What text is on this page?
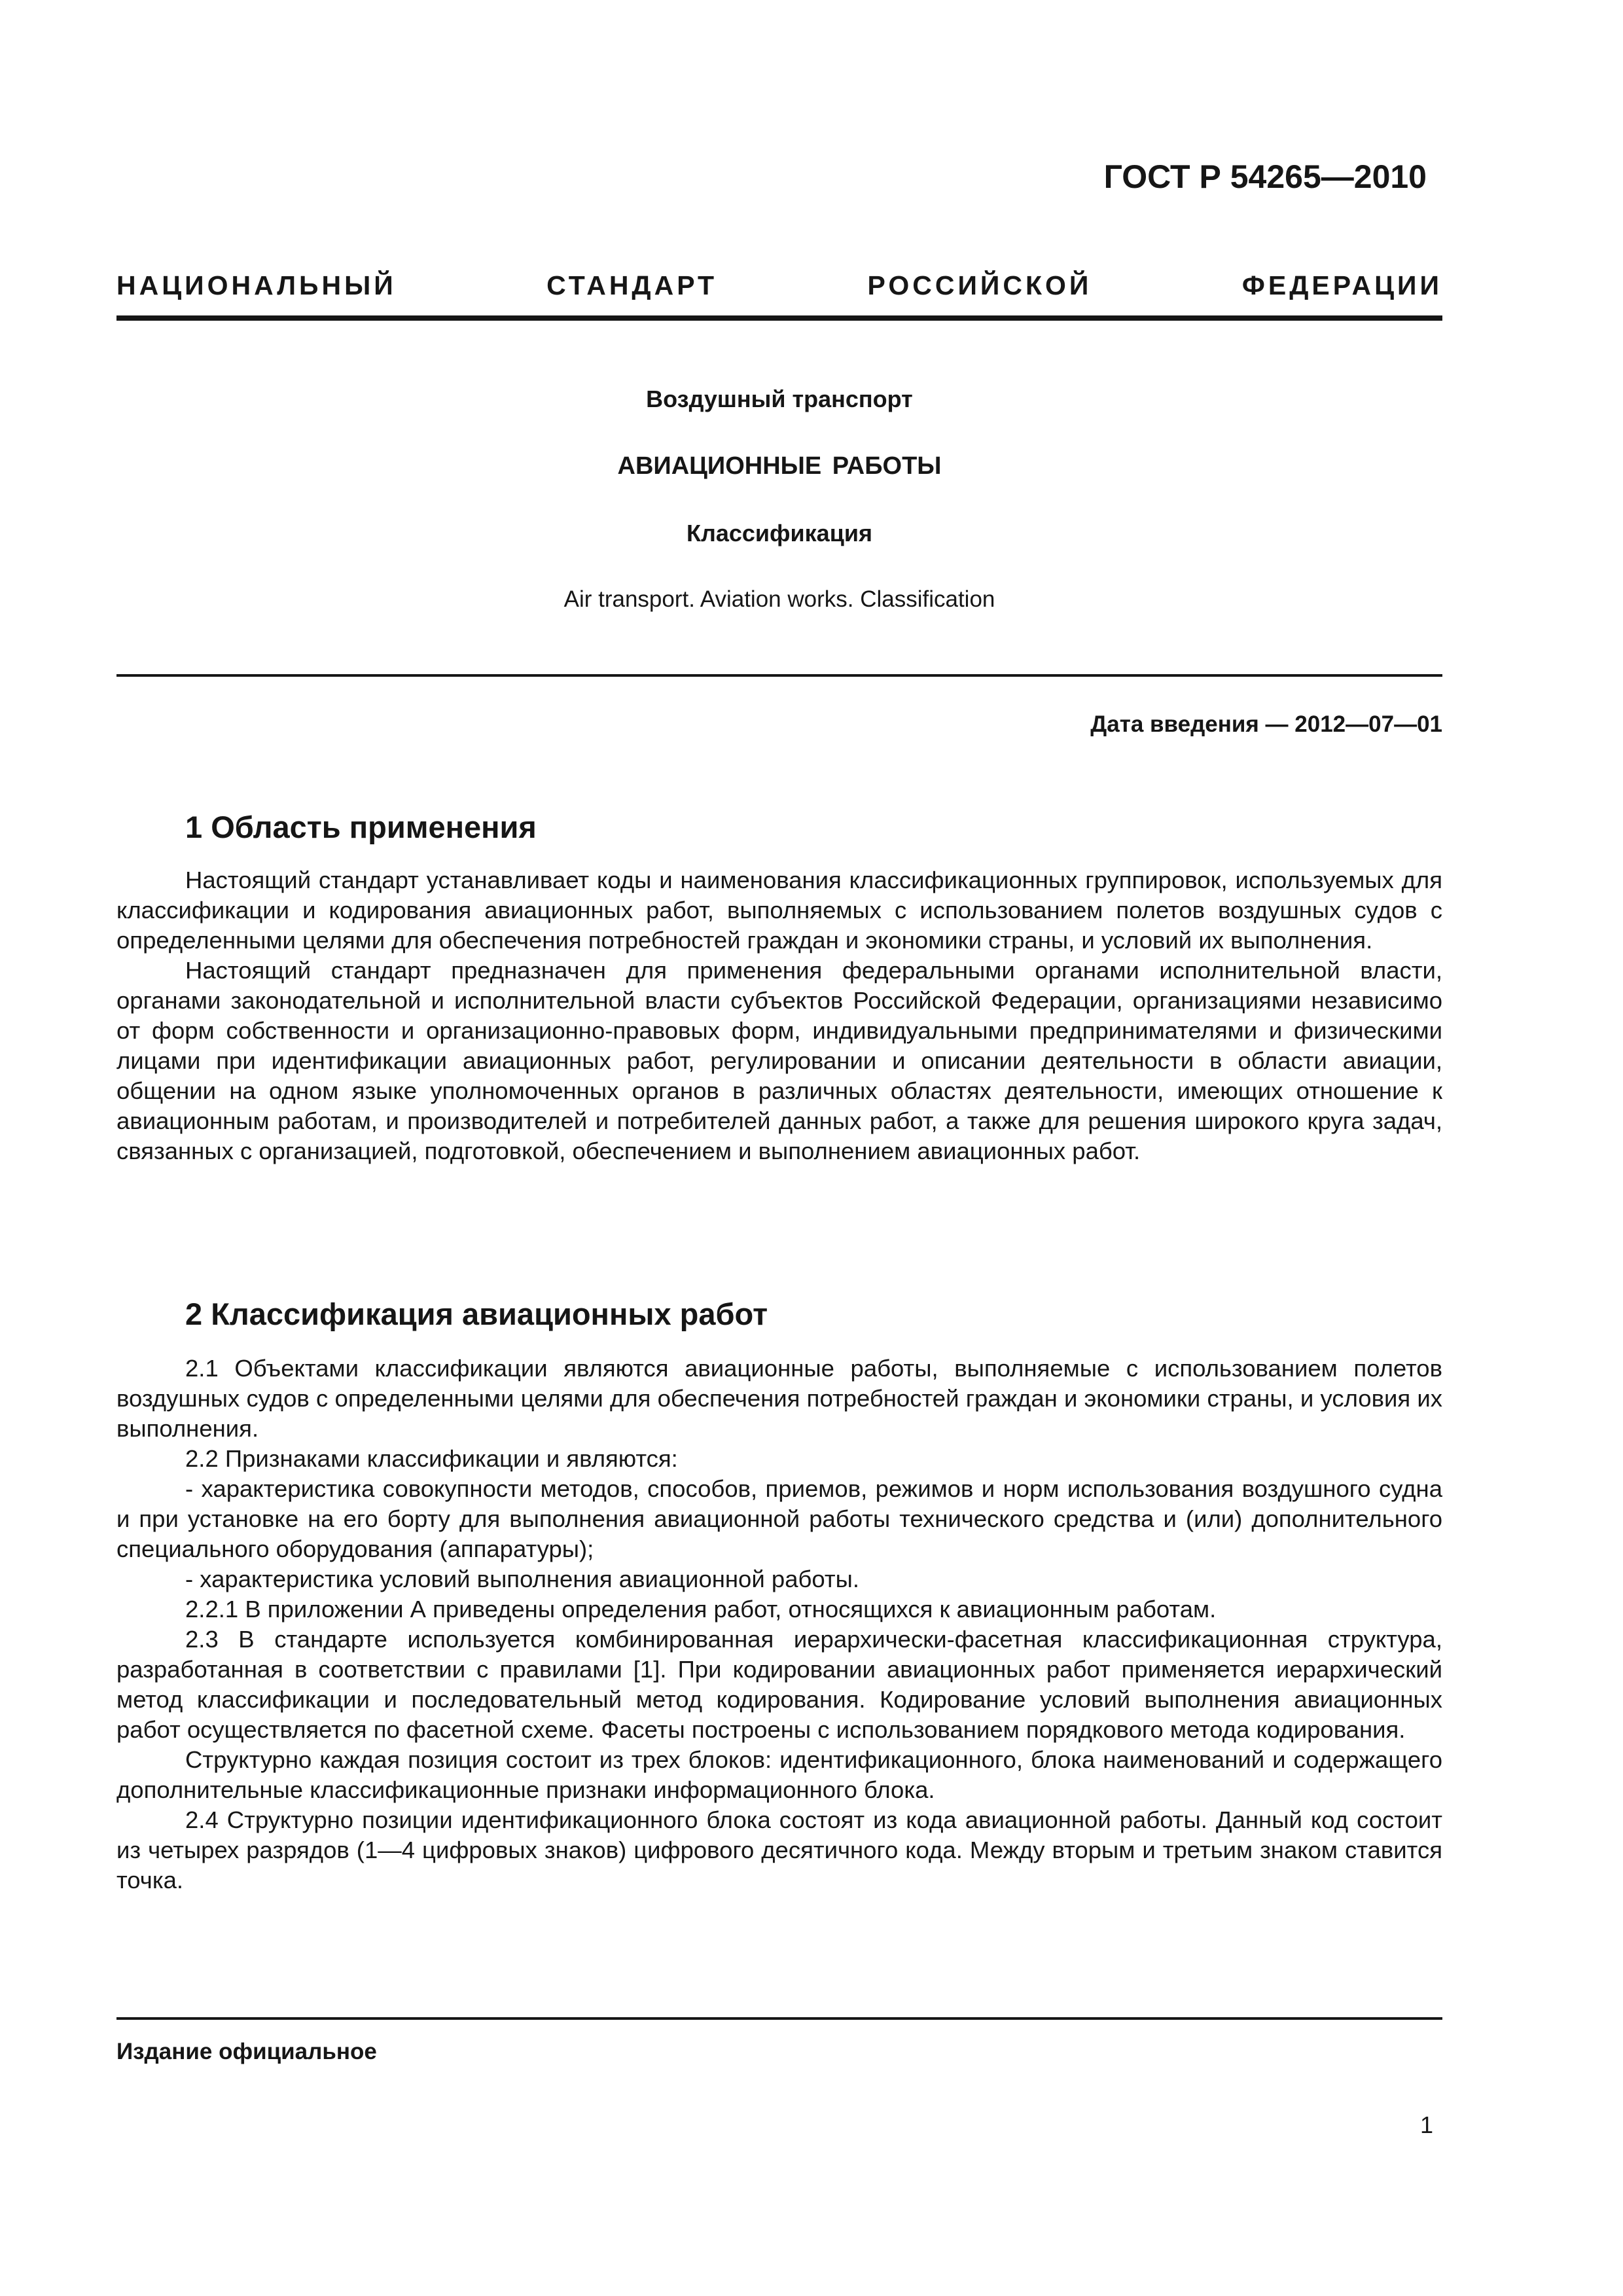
ГОСТ Р 54265—2010

НАЦИОНАЛЬНЫЙ СТАНДАРТ РОССИЙСКОЙ ФЕДЕРАЦИИ

Воздушный транспорт

АВИАЦИОННЫЕ РАБОТЫ

Классификация

Air transport. Aviation works. Classification

Дата введения — 2012—07—01

1 Область применения

Настоящий стандарт устанавливает коды и наименования классификационных группировок, используемых для классификации и кодирования авиационных работ, выполняемых с использованием полетов воздушных судов с определенными целями для обеспечения потребностей граждан и экономики страны, и условий их выполнения.

Настоящий стандарт предназначен для применения федеральными органами исполнительной власти, органами законодательной и исполнительной власти субъектов Российской Федерации, организациями независимо от форм собственности и организационно-правовых форм, индивидуальными предпринимателями и физическими лицами при идентификации авиационных работ, регулировании и описании деятельности в области авиации, общении на одном языке уполномоченных органов в различных областях деятельности, имеющих отношение к авиационным работам, и производителей и потребителей данных работ, а также для решения широкого круга задач, связанных с организацией, подготовкой, обеспечением и выполнением авиационных работ.

2 Классификация авиационных работ

2.1 Объектами классификации являются авиационные работы, выполняемые с использованием полетов воздушных судов с определенными целями для обеспечения потребностей граждан и экономики страны, и условия их выполнения.

2.2 Признаками классификации и являются:

- характеристика совокупности методов, способов, приемов, режимов и норм использования воздушного судна и при установке на его борту для выполнения авиационной работы технического средства и (или) дополнительного специального оборудования (аппаратуры);

- характеристика условий выполнения авиационной работы.

2.2.1 В приложении А приведены определения работ, относящихся к авиационным работам.

2.3 В стандарте используется комбинированная иерархически-фасетная классификационная структура, разработанная в соответствии с правилами [1]. При кодировании авиационных работ применяется иерархический метод классификации и последовательный метод кодирования. Кодирование условий выполнения авиационных работ осуществляется по фасетной схеме. Фасеты построены с использованием порядкового метода кодирования.

Структурно каждая позиция состоит из трех блоков: идентификационного, блока наименований и содержащего дополнительные классификационные признаки информационного блока.

2.4 Структурно позиции идентификационного блока состоят из кода авиационной работы. Данный код состоит из четырех разрядов (1—4 цифровых знаков) цифрового десятичного кода. Между вторым и третьим знаком ставится точка.

Издание официальное

1
